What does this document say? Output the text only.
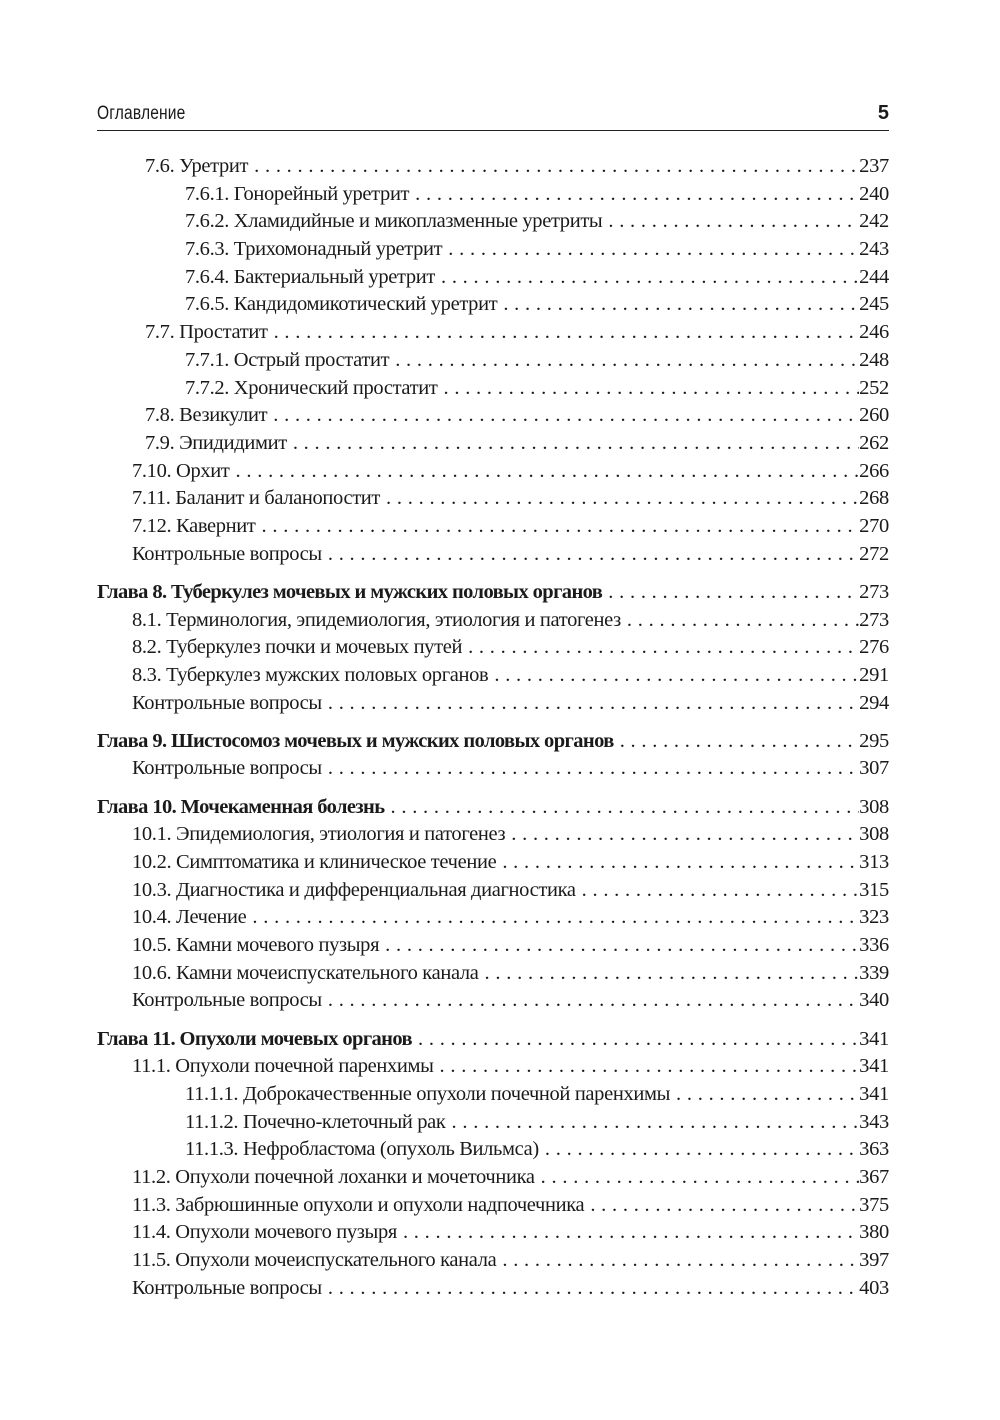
Оглавление	5
7.6. Уретрит . . .	237
7.6.1. Гонорейный уретрит . . .	240
7.6.2. Хламидийные и микоплазменные уретриты . . .	242
7.6.3. Трихомонадный уретрит . . .	243
7.6.4. Бактериальный уретрит . . .	244
7.6.5. Кандидомикотический уретрит . . .	245
7.7. Простатит . . .	246
7.7.1. Острый простатит . . .	248
7.7.2. Хронический простатит . . .	252
7.8. Везикулит . . .	260
7.9. Эпидидимит . . .	262
7.10. Орхит . . .	266
7.11. Баланит и баланопостит . . .	268
7.12. Кавернит . . .	270
Контрольные вопросы . . .	272
Глава 8. Туберкулез мочевых и мужских половых органов . . .	273
8.1. Терминология, эпидемиология, этиология и патогенез . . .	273
8.2. Туберкулез почки и мочевых путей . . .	276
8.3. Туберкулез мужских половых органов . . .	291
Контрольные вопросы . . .	294
Глава 9. Шистосомоз мочевых и мужских половых органов . . .	295
Контрольные вопросы . . .	307
Глава 10. Мочекаменная болезнь . . .	308
10.1. Эпидемиология, этиология и патогенез . . .	308
10.2. Симптоматика и клиническое течение . . .	313
10.3. Диагностика и дифференциальная диагностика . . .	315
10.4. Лечение . . .	323
10.5. Камни мочевого пузыря . . .	336
10.6. Камни мочеиспускательного канала . . .	339
Контрольные вопросы . . .	340
Глава 11. Опухоли мочевых органов . . .	341
11.1. Опухоли почечной паренхимы . . .	341
11.1.1. Доброкачественные опухоли почечной паренхимы . . .	341
11.1.2. Почечно-клеточный рак . . .	343
11.1.3. Нефробластома (опухоль Вильмса) . . .	363
11.2. Опухоли почечной лоханки и мочеточника . . .	367
11.3. Забрюшинные опухоли и опухоли надпочечника . . .	375
11.4. Опухоли мочевого пузыря . . .	380
11.5. Опухоли мочеиспускательного канала . . .	397
Контрольные вопросы . . .	403
